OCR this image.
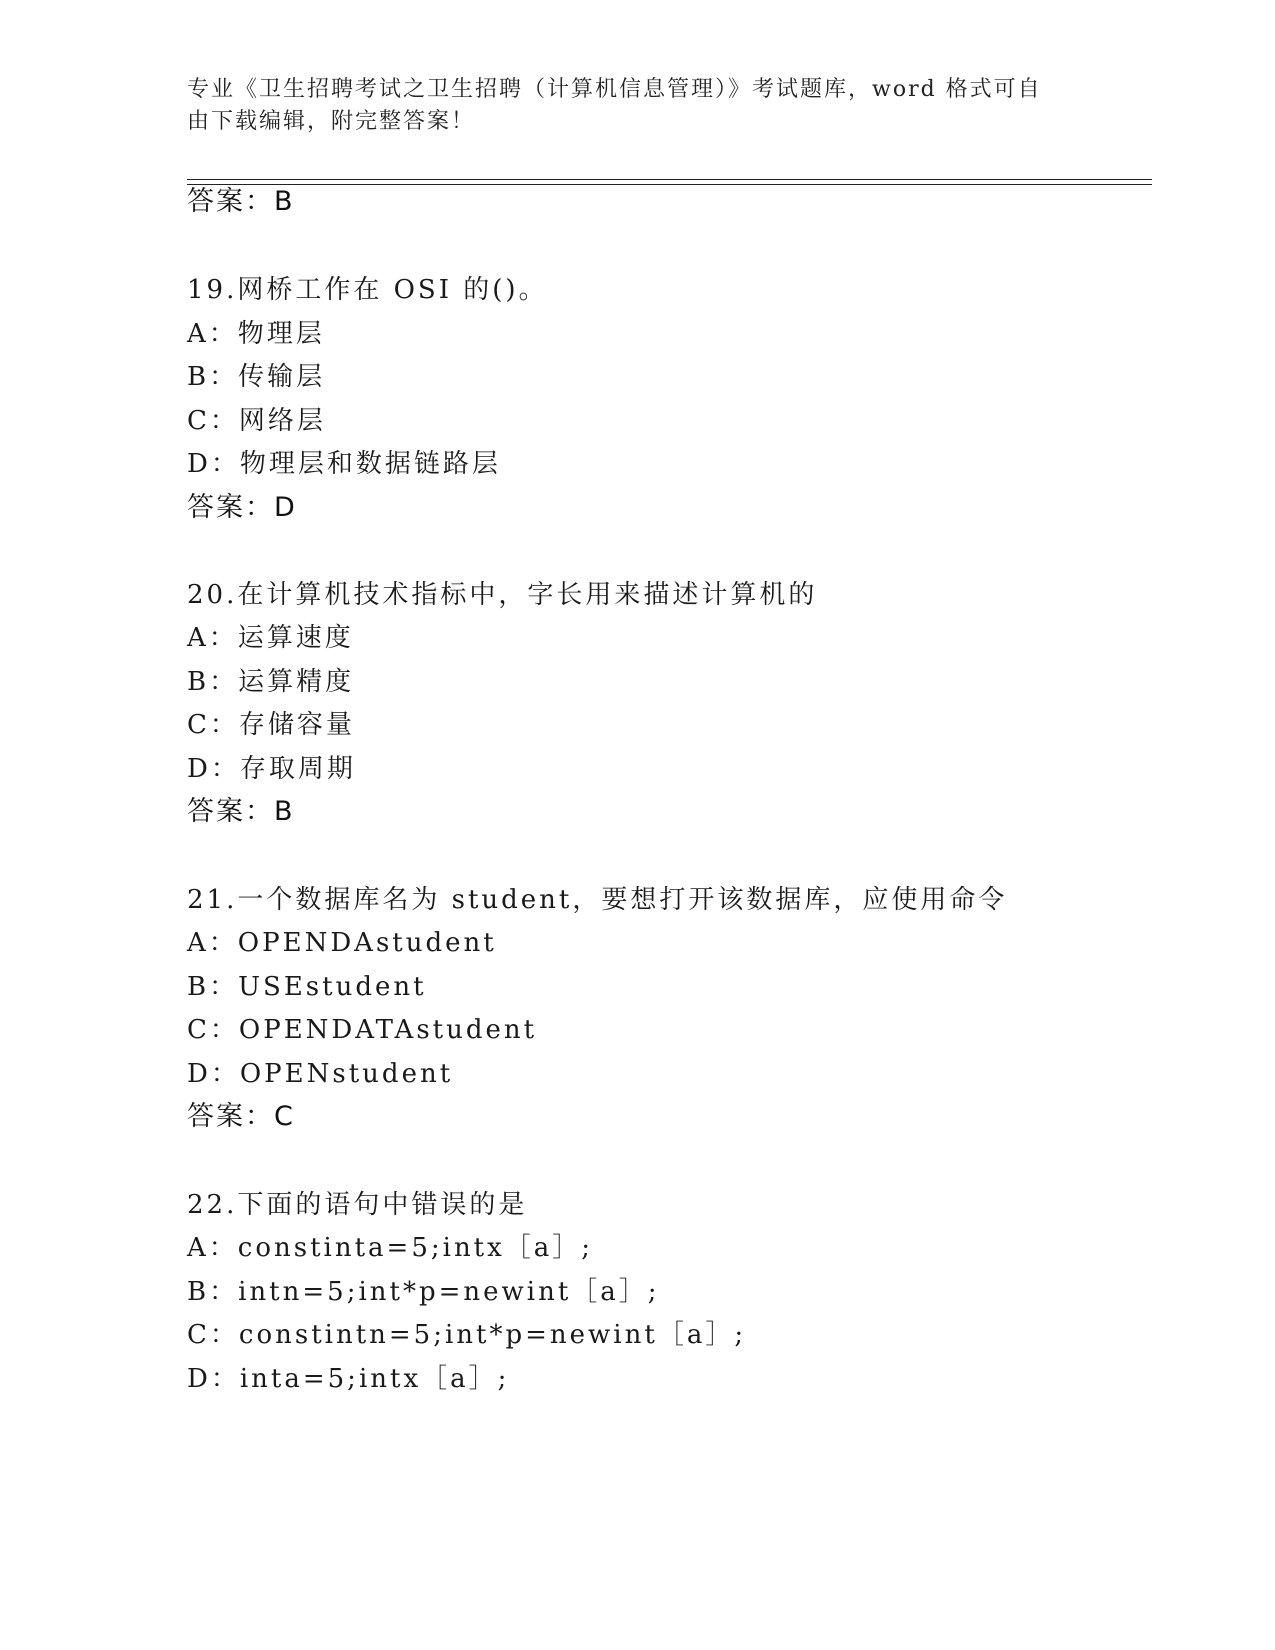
专业《卫生招聘考试之卫生招聘（计算机信息管理）》考试题库，word 格式可自
由下载编辑，附完整答案！
答案：B
19.网桥工作在 OSI 的()。
A：物理层
B：传输层
C：网络层
D：物理层和数据链路层
答案：D
20.在计算机技术指标中，字长用来描述计算机的
A：运算速度
B：运算精度
C：存储容量
D：存取周期
答案：B
21.一个数据库名为 student，要想打开该数据库，应使用命令
A：OPENDAstudent
B：USEstudent
C：OPENDATAstudent
D：OPENstudent
答案：C
22.下面的语句中错误的是
A：constinta=5;intx［a］;
B：intn=5;int*p=newint［a］;
C：constintn=5;int*p=newint［a］;
D：inta=5;intx［a］;
